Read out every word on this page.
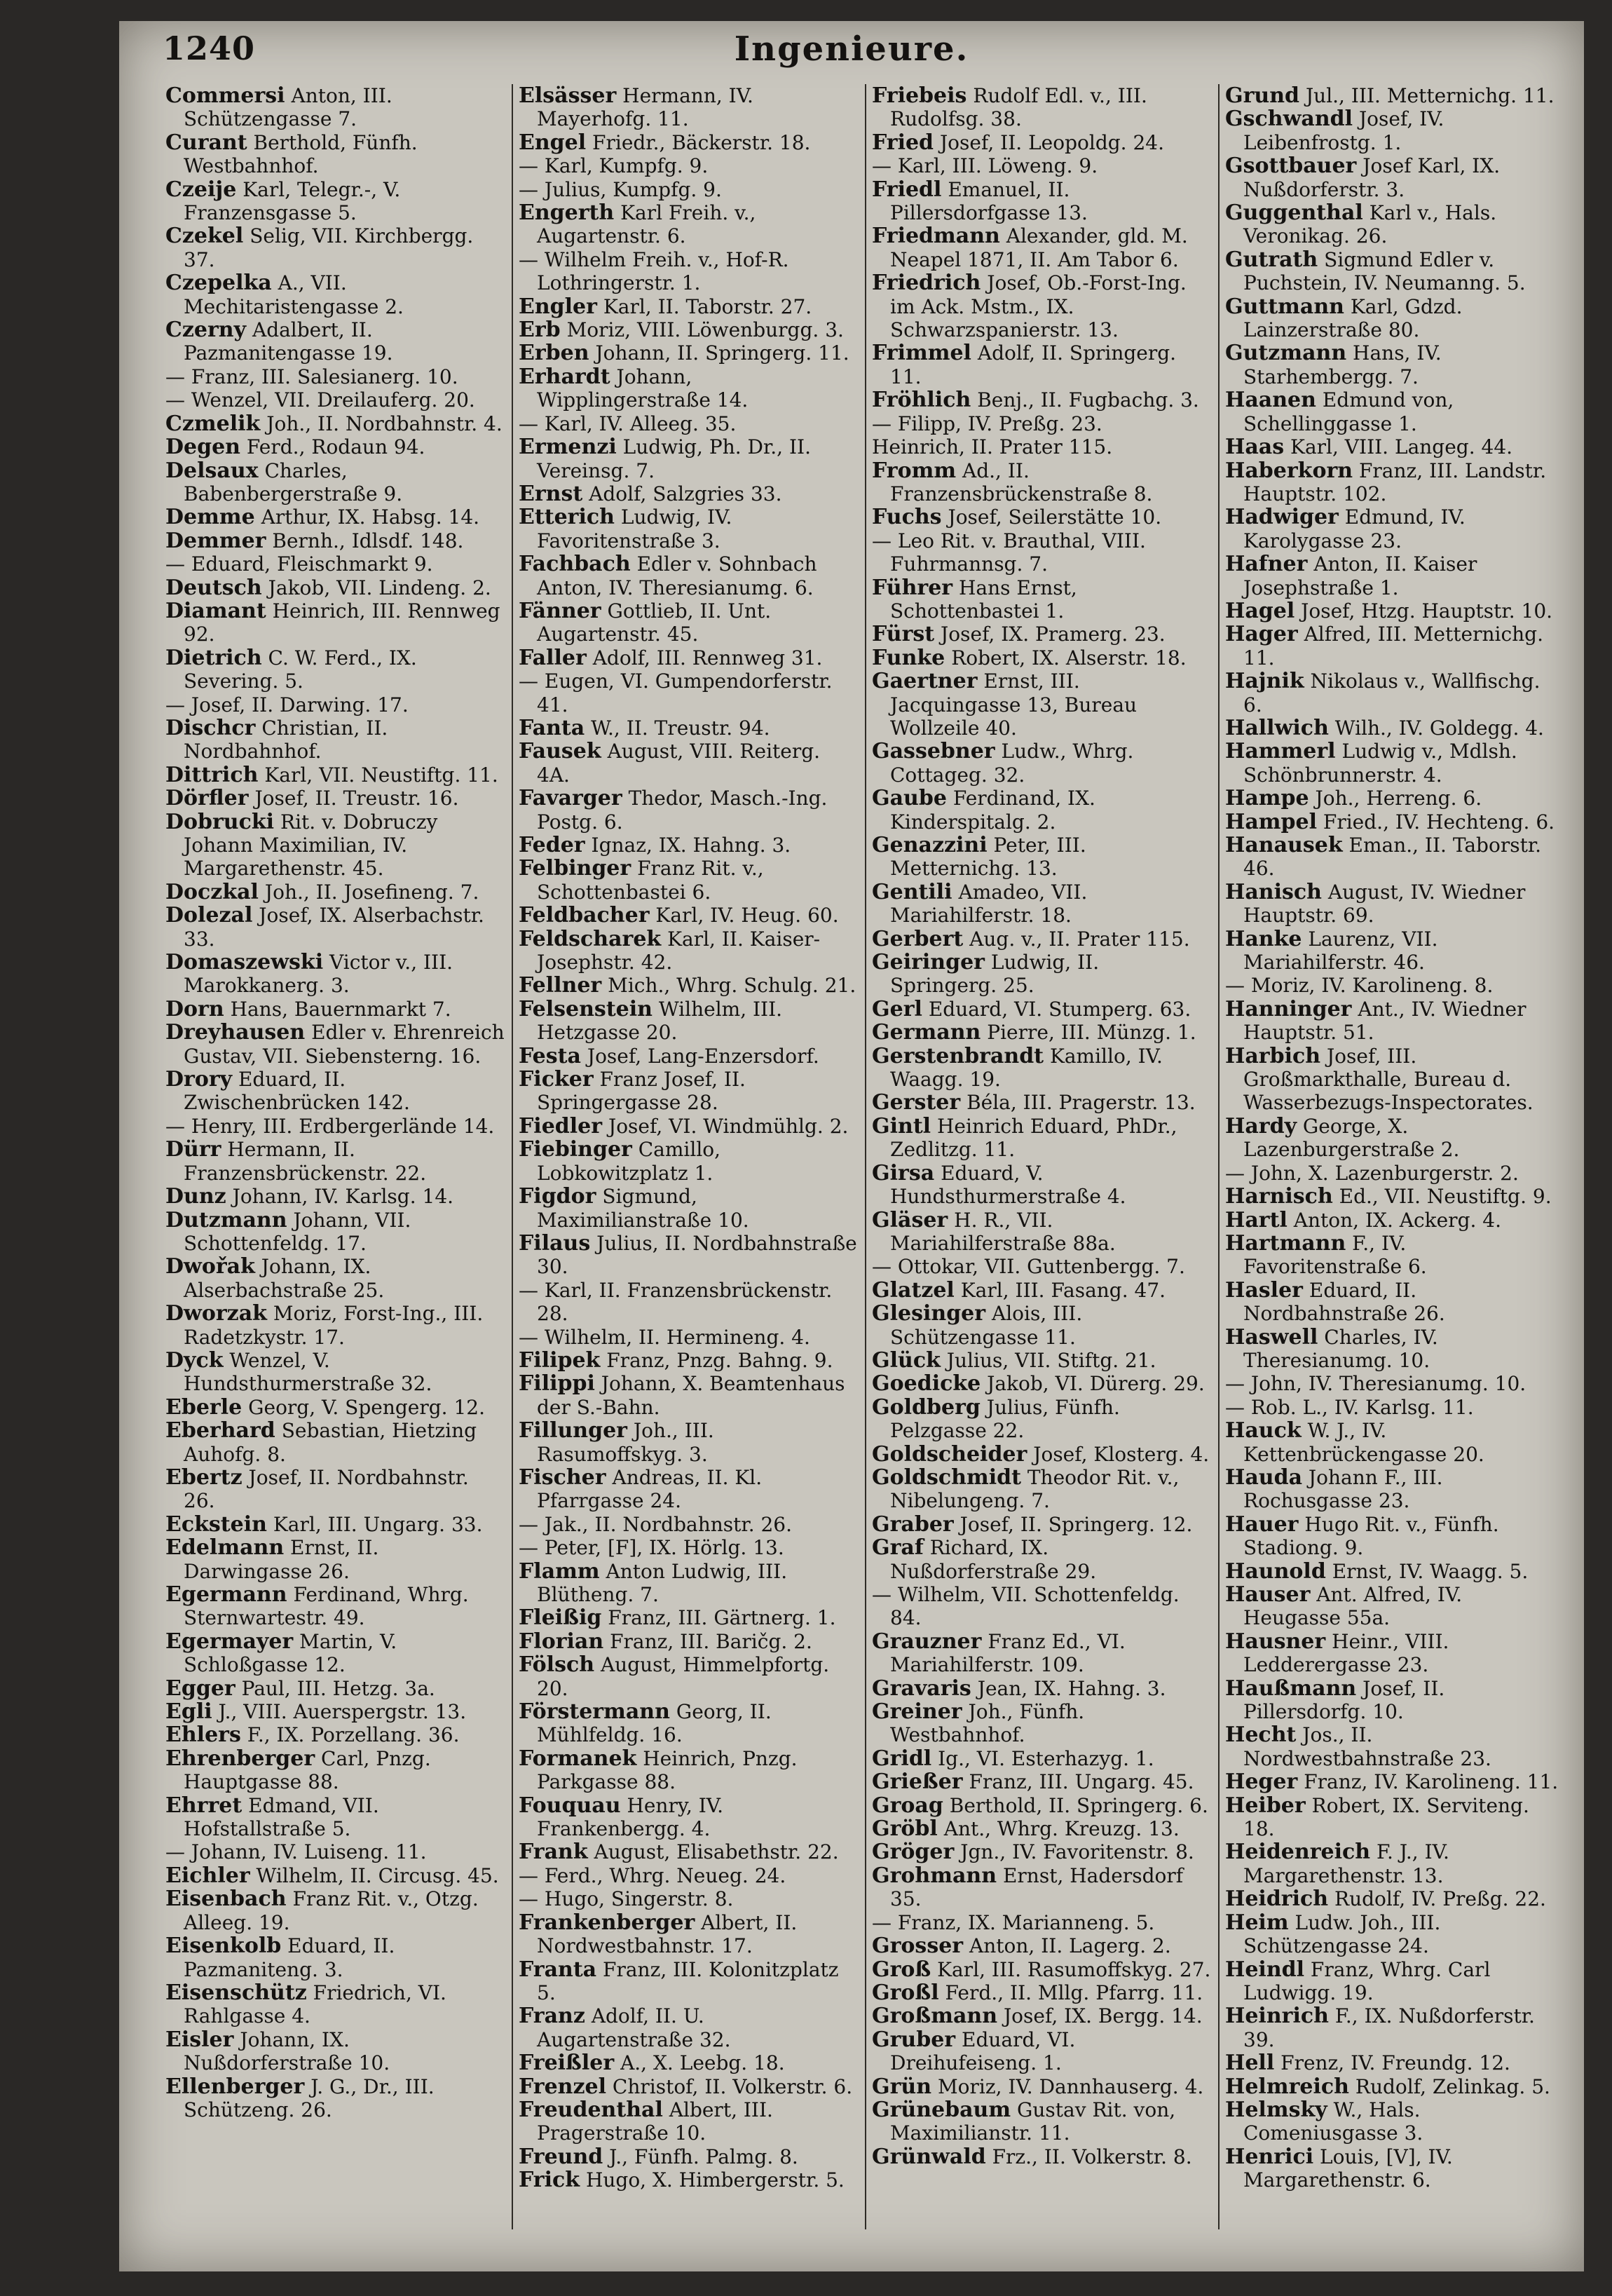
1240	Ingenieure.
Commersi Anton, III. Schützengasse 7.
Curant Berthold, Fünfh. Westbahnhof.
Czeije Karl, Telegr.-, V. Franzensgasse 5.
Czekel Selig, VII. Kirchbergg. 37.
Czepelka A., VII. Mechitaristengasse 2.
Czerny Adalbert, II. Pazmanitengasse 19.
— Franz, III. Salesianerg. 10.
— Wenzel, VII. Dreilauferg. 20.
Czmelik Joh., II. Nordbahnstr. 4.
Degen Ferd., Rodaun 94.
Delsaux Charles, Babenbergerstraße 9.
Demme Arthur, IX. Habsg. 14.
Demmer Bernh., Idlsdf. 148.
— Eduard, Fleischmarkt 9.
Deutsch Jakob, VII. Lindeng. 2.
Diamant Heinrich, III. Rennweg 92.
Dietrich C. W. Ferd., IX. Severing. 5.
— Josef, II. Darwing. 17.
Dischcr Christian, II. Nordbahnhof.
Dittrich Karl, VII. Neustiftg. 11.
Dörfler Josef, II. Treustr. 16.
Dobrucki Rit. v. Dobruczy Johann Maximilian, IV. Margarethenstr. 45.
Doczkal Joh., II. Josefineng. 7.
Dolezal Josef, IX. Alserbachstr. 33.
Domaszewski Victor v., III. Marokkanerg. 3.
Dorn Hans, Bauernmarkt 7.
Dreyhausen Edler v. Ehrenreich Gustav, VII. Siebensterng. 16.
Drory Eduard, II. Zwischenbrücken 142.
— Henry, III. Erdbergerlände 14.
Dürr Hermann, II. Franzensbrückenstr. 22.
Dunz Johann, IV. Karlsg. 14.
Dutzmann Johann, VII. Schottenfeldg. 17.
Dwořak Johann, IX. Alserbachstraße 25.
Dworzak Moriz, Forst-Ing., III. Radetzkystr. 17.
Dyck Wenzel, V. Hundsthurmerstraße 32.
Eberle Georg, V. Spengerg. 12.
Eberhard Sebastian, Hietzing Auhofg. 8.
Ebertz Josef, II. Nordbahnstr. 26.
Eckstein Karl, III. Ungarg. 33.
Edelmann Ernst, II. Darwingasse 26.
Egermann Ferdinand, Whrg. Sternwartestr. 49.
Egermayer Martin, V. Schloßgasse 12.
Egger Paul, III. Hetzg. 3a.
Egli J., VIII. Auerspergstr. 13.
Ehlers F., IX. Porzellang. 36.
Ehrenberger Carl, Pnzg. Hauptgasse 88.
Ehrret Edmand, VII. Hofstallstraße 5.
— Johann, IV. Luiseng. 11.
Eichler Wilhelm, II. Circusg. 45.
Eisenbach Franz Rit. v., Otzg. Alleeg. 19.
Eisenkolb Eduard, II. Pazmaniteng. 3.
Eisenschütz Friedrich, VI. Rahlgasse 4.
Eisler Johann, IX. Nußdorferstraße 10.
Ellenberger J. G., Dr., III. Schützeng. 26.
Elsässer Hermann, IV. Mayerhofg. 11.
Engel Friedr., Bäckerstr. 18.
— Karl, Kumpfg. 9.
— Julius, Kumpfg. 9.
Engerth Karl Freih. v., Augartenstr. 6.
— Wilhelm Freih. v., Hof-R. Lothringerstr. 1.
Engler Karl, II. Taborstr. 27.
Erb Moriz, VIII. Löwenburgg. 3.
Erben Johann, II. Springerg. 11.
Erhardt Johann, Wipplingerstraße 14.
— Karl, IV. Alleeg. 35.
Ermenzi Ludwig, Ph. Dr., II. Vereinsg. 7.
Ernst Adolf, Salzgries 33.
Etterich Ludwig, IV. Favoritenstraße 3.
Fachbach Edler v. Sohnbach Anton, IV. Theresianumg. 6.
Fänner Gottlieb, II. Unt. Augartenstr. 45.
Faller Adolf, III. Rennweg 31.
— Eugen, VI. Gumpendorferstr. 41.
Fanta W., II. Treustr. 94.
Fausek August, VIII. Reiterg. 4A.
Favarger Thedor, Masch.-Ing. Postg. 6.
Feder Ignaz, IX. Hahng. 3.
Felbinger Franz Rit. v., Schottenbastei 6.
Feldbacher Karl, IV. Heug. 60.
Feldscharek Karl, II. Kaiser-Josephstr. 42.
Fellner Mich., Whrg. Schulg. 21.
Felsenstein Wilhelm, III. Hetzgasse 20.
Festa Josef, Lang-Enzersdorf.
Ficker Franz Josef, II. Springergasse 28.
Fiedler Josef, VI. Windmühlg. 2.
Fiebinger Camillo, Lobkowitzplatz 1.
Figdor Sigmund, Maximilianstraße 10.
Filaus Julius, II. Nordbahnstraße 30.
— Karl, II. Franzensbrückenstr. 28.
— Wilhelm, II. Hermineng. 4.
Filipek Franz, Pnzg. Bahng. 9.
Filippi Johann, X. Beamtenhaus der S.-Bahn.
Fillunger Joh., III. Rasumoffskyg. 3.
Fischer Andreas, II. Kl. Pfarrgasse 24.
— Jak., II. Nordbahnstr. 26.
— Peter, [F], IX. Hörlg. 13.
Flamm Anton Ludwig, III. Blütheng. 7.
Fleißig Franz, III. Gärtnerg. 1.
Florian Franz, III. Baričg. 2.
Fölsch August, Himmelpfortg. 20.
Förstermann Georg, II. Mühlfeldg. 16.
Formanek Heinrich, Pnzg. Parkgasse 88.
Fouquau Henry, IV. Frankenbergg. 4.
Frank August, Elisabethstr. 22.
— Ferd., Whrg. Neueg. 24.
— Hugo, Singerstr. 8.
Frankenberger Albert, II. Nordwestbahnstr. 17.
Franta Franz, III. Kolonitzplatz 5.
Franz Adolf, II. U. Augartenstraße 32.
Freißler A., X. Leebg. 18.
Frenzel Christof, II. Volkerstr. 6.
Freudenthal Albert, III. Pragerstraße 10.
Freund J., Fünfh. Palmg. 8.
Frick Hugo, X. Himbergerstr. 5.
Friebeis Rudolf Edl. v., III. Rudolfsg. 38.
Fried Josef, II. Leopoldg. 24.
— Karl, III. Löweng. 9.
Friedl Emanuel, II. Pillersdorfgasse 13.
Friedmann Alexander, gld. M. Neapel 1871, II. Am Tabor 6.
Friedrich Josef, Ob.-Forst-Ing. im Ack. Mstm., IX. Schwarzspanierstr. 13.
Frimmel Adolf, II. Springerg. 11.
Fröhlich Benj., II. Fugbachg. 3.
— Filipp, IV. Preßg. 23.
Heinrich, II. Prater 115.
Fromm Ad., II. Franzensbrückenstraße 8.
Fuchs Josef, Seilerstätte 10.
— Leo Rit. v. Brauthal, VIII. Fuhrmannsg. 7.
Führer Hans Ernst, Schottenbastei 1.
Fürst Josef, IX. Pramerg. 23.
Funke Robert, IX. Alserstr. 18.
Gaertner Ernst, III. Jacquingasse 13, Bureau Wollzeile 40.
Gassebner Ludw., Whrg. Cottageg. 32.
Gaube Ferdinand, IX. Kinderspitalg. 2.
Genazzini Peter, III. Metternichg. 13.
Gentili Amadeo, VII. Mariahilferstr. 18.
Gerbert Aug. v., II. Prater 115.
Geiringer Ludwig, II. Springerg. 25.
Gerl Eduard, VI. Stumperg. 63.
Germann Pierre, III. Münzg. 1.
Gerstenbrandt Kamillo, IV. Waagg. 19.
Gerster Béla, III. Pragerstr. 13.
Gintl Heinrich Eduard, PhDr., Zedlitzg. 11.
Girsa Eduard, V. Hundsthurmerstraße 4.
Gläser H. R., VII. Mariahilferstraße 88a.
— Ottokar, VII. Guttenbergg. 7.
Glatzel Karl, III. Fasang. 47.
Glesinger Alois, III. Schützengasse 11.
Glück Julius, VII. Stiftg. 21.
Goedicke Jakob, VI. Dürerg. 29.
Goldberg Julius, Fünfh. Pelzgasse 22.
Goldscheider Josef, Klosterg. 4.
Goldschmidt Theodor Rit. v., Nibelungeng. 7.
Graber Josef, II. Springerg. 12.
Graf Richard, IX. Nußdorferstraße 29.
— Wilhelm, VII. Schottenfeldg. 84.
Grauzner Franz Ed., VI. Mariahilferstr. 109.
Gravaris Jean, IX. Hahng. 3.
Greiner Joh., Fünfh. Westbahnhof.
Gridl Ig., VI. Esterhazyg. 1.
Grießer Franz, III. Ungarg. 45.
Groag Berthold, II. Springerg. 6.
Gröbl Ant., Whrg. Kreuzg. 13.
Gröger Jgn., IV. Favoritenstr. 8.
Grohmann Ernst, Hadersdorf 35.
— Franz, IX. Marianneng. 5.
Grosser Anton, II. Lagerg. 2.
Groß Karl, III. Rasumoffskyg. 27.
Großl Ferd., II. Mllg. Pfarrg. 11.
Großmann Josef, IX. Bergg. 14.
Gruber Eduard, VI. Dreihufeiseng. 1.
Grün Moriz, IV. Dannhauserg. 4.
Grünebaum Gustav Rit. von, Maximilianstr. 11.
Grünwald Frz., II. Volkerstr. 8.
Grund Jul., III. Metternichg. 11.
Gschwandl Josef, IV. Leibenfrostg. 1.
Gsottbauer Josef Karl, IX. Nußdorferstr. 3.
Guggenthal Karl v., Hals. Veronikag. 26.
Gutrath Sigmund Edler v. Puchstein, IV. Neumanng. 5.
Guttmann Karl, Gdzd. Lainzerstraße 80.
Gutzmann Hans, IV. Starhembergg. 7.
Haanen Edmund von, Schellinggasse 1.
Haas Karl, VIII. Langeg. 44.
Haberkorn Franz, III. Landstr. Hauptstr. 102.
Hadwiger Edmund, IV. Karolygasse 23.
Hafner Anton, II. Kaiser Josephstraße 1.
Hagel Josef, Htzg. Hauptstr. 10.
Hager Alfred, III. Metternichg. 11.
Hajnik Nikolaus v., Wallfischg. 6.
Hallwich Wilh., IV. Goldegg. 4.
Hammerl Ludwig v., Mdlsh. Schönbrunnerstr. 4.
Hampe Joh., Herreng. 6.
Hampel Fried., IV. Hechteng. 6.
Hanausek Eman., II. Taborstr. 46.
Hanisch August, IV. Wiedner Hauptstr. 69.
Hanke Laurenz, VII. Mariahilferstr. 46.
— Moriz, IV. Karolineng. 8.
Hanninger Ant., IV. Wiedner Hauptstr. 51.
Harbich Josef, III. Großmarkthalle, Bureau d. Wasserbezugs-Inspectorates.
Hardy George, X. Lazenburgerstraße 2.
— John, X. Lazenburgerstr. 2.
Harnisch Ed., VII. Neustiftg. 9.
Hartl Anton, IX. Ackerg. 4.
Hartmann F., IV. Favoritenstraße 6.
Hasler Eduard, II. Nordbahnstraße 26.
Haswell Charles, IV. Theresianumg. 10.
— John, IV. Theresianumg. 10.
— Rob. L., IV. Karlsg. 11.
Hauck W. J., IV. Kettenbrückengasse 20.
Hauda Johann F., III. Rochusgasse 23.
Hauer Hugo Rit. v., Fünfh. Stadiong. 9.
Haunold Ernst, IV. Waagg. 5.
Hauser Ant. Alfred, IV. Heugasse 55a.
Hausner Heinr., VIII. Ledderergasse 23.
Haußmann Josef, II. Pillersdorfg. 10.
Hecht Jos., II. Nordwestbahnstraße 23.
Heger Franz, IV. Karolineng. 11.
Heiber Robert, IX. Serviteng. 18.
Heidenreich F. J., IV. Margarethenstr. 13.
Heidrich Rudolf, IV. Preßg. 22.
Heim Ludw. Joh., III. Schützengasse 24.
Heindl Franz, Whrg. Carl Ludwigg. 19.
Heinrich F., IX. Nußdorferstr. 39.
Hell Frenz, IV. Freundg. 12.
Helmreich Rudolf, Zelinkag. 5.
Helmsky W., Hals. Comeniusgasse 3.
Henrici Louis, [V], IV. Margarethenstr. 6.
